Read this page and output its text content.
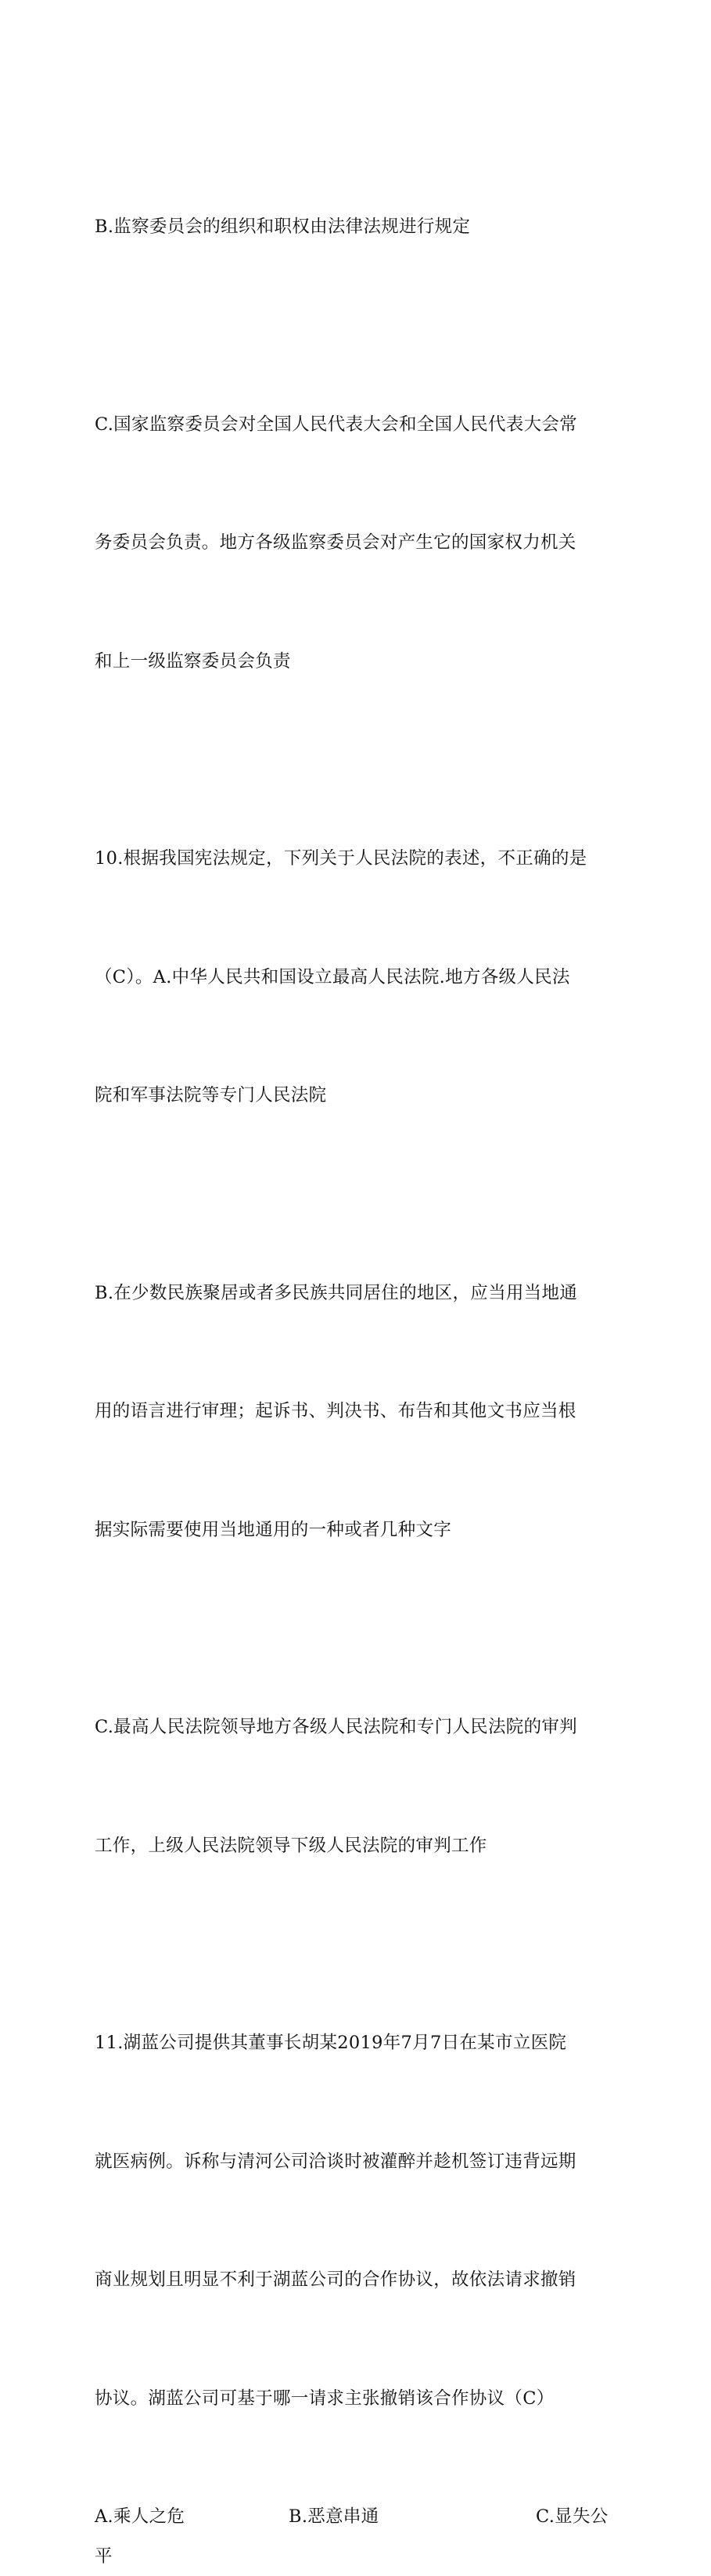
B.监察委员会的组织和职权由法律法规进行规定

C.国家监察委员会对全国人民代表大会和全国人民代表大会常

务委员会负责。地方各级监察委员会对产生它的国家权力机关

和上一级监察委员会负责

10.根据我国宪法规定，下列关于人民法院的表述，不正确的是

（C）。A.中华人民共和国设立最高人民法院.地方各级人民法

院和军事法院等专门人民法院

B.在少数民族聚居或者多民族共同居住的地区，应当用当地通

用的语言进行审理；起诉书、判决书、布告和其他文书应当根

据实际需要使用当地通用的一种或者几种文字

C.最高人民法院领导地方各级人民法院和专门人民法院的审判

工作，上级人民法院领导下级人民法院的审判工作

11.湖蓝公司提供其董事长胡某2019年7月7日在某市立医院

就医病例。诉称与清河公司洽谈时被灌醉并趁机签订违背远期

商业规划且明显不利于湖蓝公司的合作协议，故依法请求撤销

协议。湖蓝公司可基于哪一请求主张撤销该合作协议（C）

A.乘人之危	B.恶意串通	C.显失公
平
